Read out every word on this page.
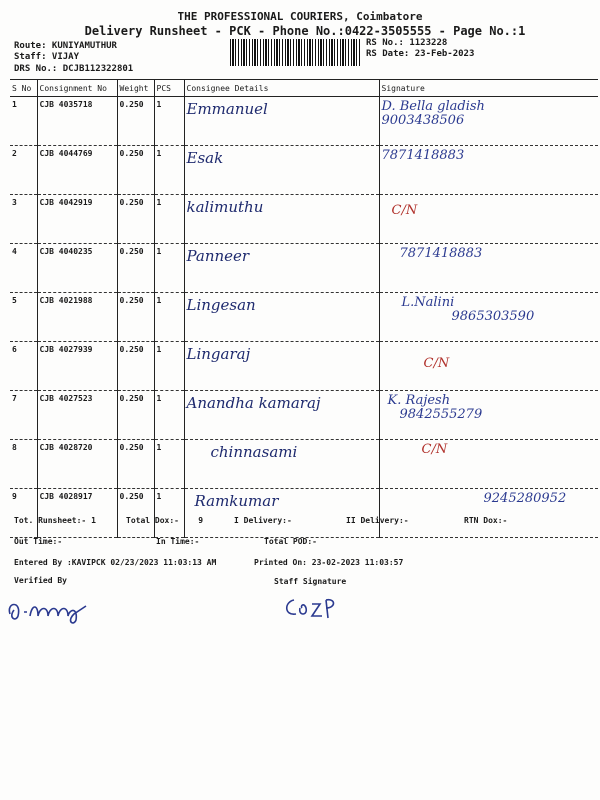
THE PROFESSIONAL COURIERS, Coimbatore
Delivery Runsheet - PCK - Phone No.:0422-3505555 - Page No.:1
Route: KUNIYAMUTHUR
Staff: VIJAY
DRS No.: DCJB112322801
RS No.: 1123228
RS Date: 23-Feb-2023
S No	Consignment No	Weight	PCS	Consignee Details	Signature
1	CJB 4035718	0.250	1	Emmanuel	D. Bella gladish
9003438506

2	CJB 4044769	0.250	1	Esak	7871418883

3	CJB 4042919	0.250	1	kalimuthu	C/N

4	CJB 4040235	0.250	1	Panneer	7871418883

5	CJB 4021988	0.250	1	Lingesan	L.Nalini
9865303590

6	CJB 4027939	0.250	1	Lingaraj	C/N

7	CJB 4027523	0.250	1	Anandha kamaraj	K. Rajesh
9842555279

8	CJB 4028720	0.250	1	chinnasami	C/N

9	CJB 4028917	0.250	1	Ramkumar	9245280952
Tot. Runsheet:- 1	Total Dox:-    9	I Delivery:-	II Delivery:-	RTN Dox:-
Out Time:-	In Time:-	Total POD:-
Entered By :KAVIPCK 02/23/2023 11:03:13 AM	Printed On: 23-02-2023 11:03:57
Verified By	Staff Signature
